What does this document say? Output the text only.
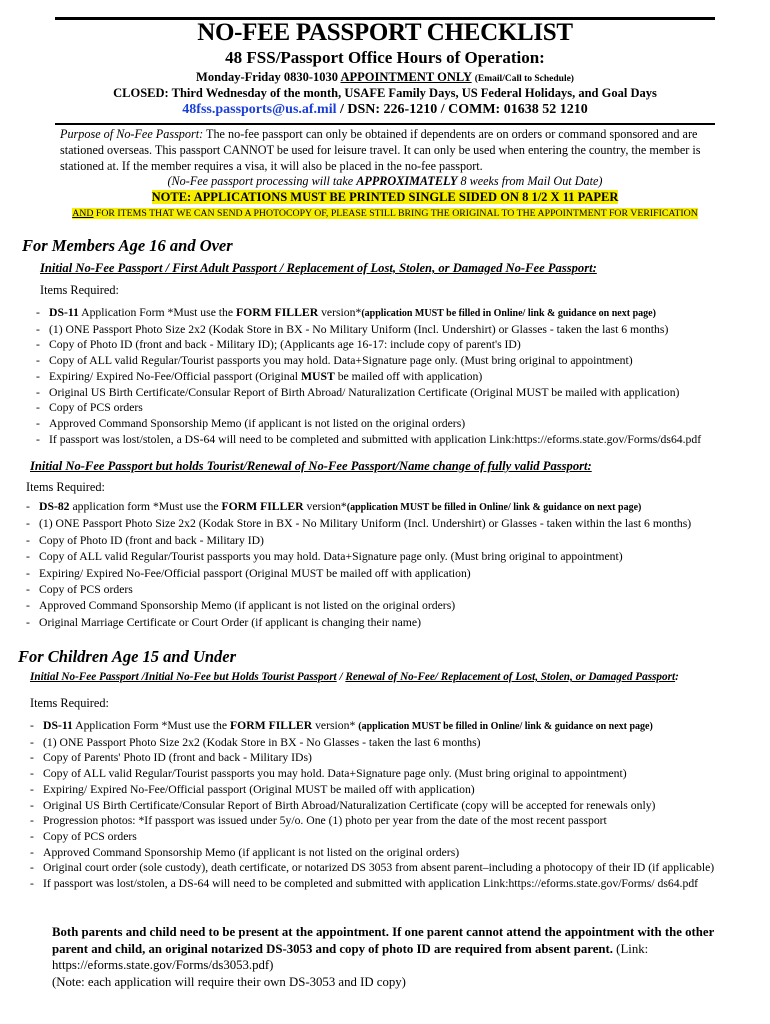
NO-FEE PASSPORT CHECKLIST
48 FSS/Passport Office Hours of Operation:
Monday-Friday 0830-1030 APPOINTMENT ONLY (Email/Call to Schedule)
CLOSED: Third Wednesday of the month, USAFE Family Days, US Federal Holidays, and Goal Days
48fss.passports@us.af.mil / DSN: 226-1210 / COMM: 01638 52 1210
Purpose of No-Fee Passport: The no-fee passport can only be obtained if dependents are on orders or command sponsored and are stationed overseas. This passport CANNOT be used for leisure travel. It can only be used when entering the country, the member is stationed at. If the member requires a visa, it will also be placed in the no-fee passport.
(No-Fee passport processing will take APPROXIMATELY 8 weeks from Mail Out Date)
NOTE: APPLICATIONS MUST BE PRINTED SINGLE SIDED ON 8 1/2 X 11 PAPER
AND FOR ITEMS THAT WE CAN SEND A PHOTOCOPY OF, PLEASE STILL BRING THE ORIGINAL TO THE APPOINTMENT FOR VERIFICATION
For Members Age 16 and Over
Initial No-Fee Passport / First Adult Passport / Replacement of Lost, Stolen, or Damaged No-Fee Passport:
Items Required:
- DS-11 Application Form *Must use the FORM FILLER version*(application MUST be filled in Online/ link & guidance on next page)
- (1) ONE Passport Photo Size 2x2 (Kodak Store in BX - No Military Uniform (Incl. Undershirt) or Glasses - taken the last 6 months)
- Copy of Photo ID (front and back - Military ID); (Applicants age 16-17: include copy of parent's ID)
- Copy of ALL valid Regular/Tourist passports you may hold. Data+Signature page only. (Must bring original to appointment)
- Expiring/ Expired No-Fee/Official passport (Original MUST be mailed off with application)
- Original US Birth Certificate/Consular Report of Birth Abroad/ Naturalization Certificate (Original MUST be mailed with application)
- Copy of PCS orders
- Approved Command Sponsorship Memo (if applicant is not listed on the original orders)
- If passport was lost/stolen, a DS-64 will need to be completed and submitted with application Link:https://eforms.state.gov/Forms/ds64.pdf
Initial No-Fee Passport but holds Tourist/Renewal of No-Fee Passport/Name change of fully valid Passport:
Items Required:
- DS-82 application form *Must use the FORM FILLER version*(application MUST be filled in Online/ link & guidance on next page)
- (1) ONE Passport Photo Size 2x2 (Kodak Store in BX - No Military Uniform (Incl. Undershirt) or Glasses - taken within the last 6 months)
- Copy of Photo ID (front and back - Military ID)
- Copy of ALL valid Regular/Tourist passports you may hold. Data+Signature page only. (Must bring original to appointment)
- Expiring/ Expired No-Fee/Official passport (Original MUST be mailed off with application)
- Copy of PCS orders
- Approved Command Sponsorship Memo (if applicant is not listed on the original orders)
- Original Marriage Certificate or Court Order (if applicant is changing their name)
For Children Age 15 and Under
Initial No-Fee Passport /Initial No-Fee but Holds Tourist Passport / Renewal of No-Fee/ Replacement of Lost, Stolen, or Damaged Passport:
Items Required:
- DS-11 Application Form *Must use the FORM FILLER version* (application MUST be filled in Online/ link & guidance on next page)
- (1) ONE Passport Photo Size 2x2 (Kodak Store in BX - No Glasses - taken the last 6 months)
- Copy of Parents' Photo ID (front and back - Military IDs)
- Copy of ALL valid Regular/Tourist passports you may hold. Data+Signature page only. (Must bring original to appointment)
- Expiring/ Expired No-Fee/Official passport (Original MUST be mailed off with application)
- Original US Birth Certificate/Consular Report of Birth Abroad/Naturalization Certificate (copy will be accepted for renewals only)
- Progression photos: *If passport was issued under 5y/o. One (1) photo per year from the date of the most recent passport
- Copy of PCS orders
- Approved Command Sponsorship Memo (if applicant is not listed on the original orders)
- Original court order (sole custody), death certificate, or notarized DS 3053 from absent parent–including a photocopy of their ID (if applicable)
- If passport was lost/stolen, a DS-64 will need to be completed and submitted with application Link:https://eforms.state.gov/Forms/ ds64.pdf
Both parents and child need to be present at the appointment. If one parent cannot attend the appointment with the other parent and child, an original notarized DS-3053 and copy of photo ID are required from absent parent. (Link: https://eforms.state.gov/Forms/ds3053.pdf)
(Note: each application will require their own DS-3053 and ID copy)
